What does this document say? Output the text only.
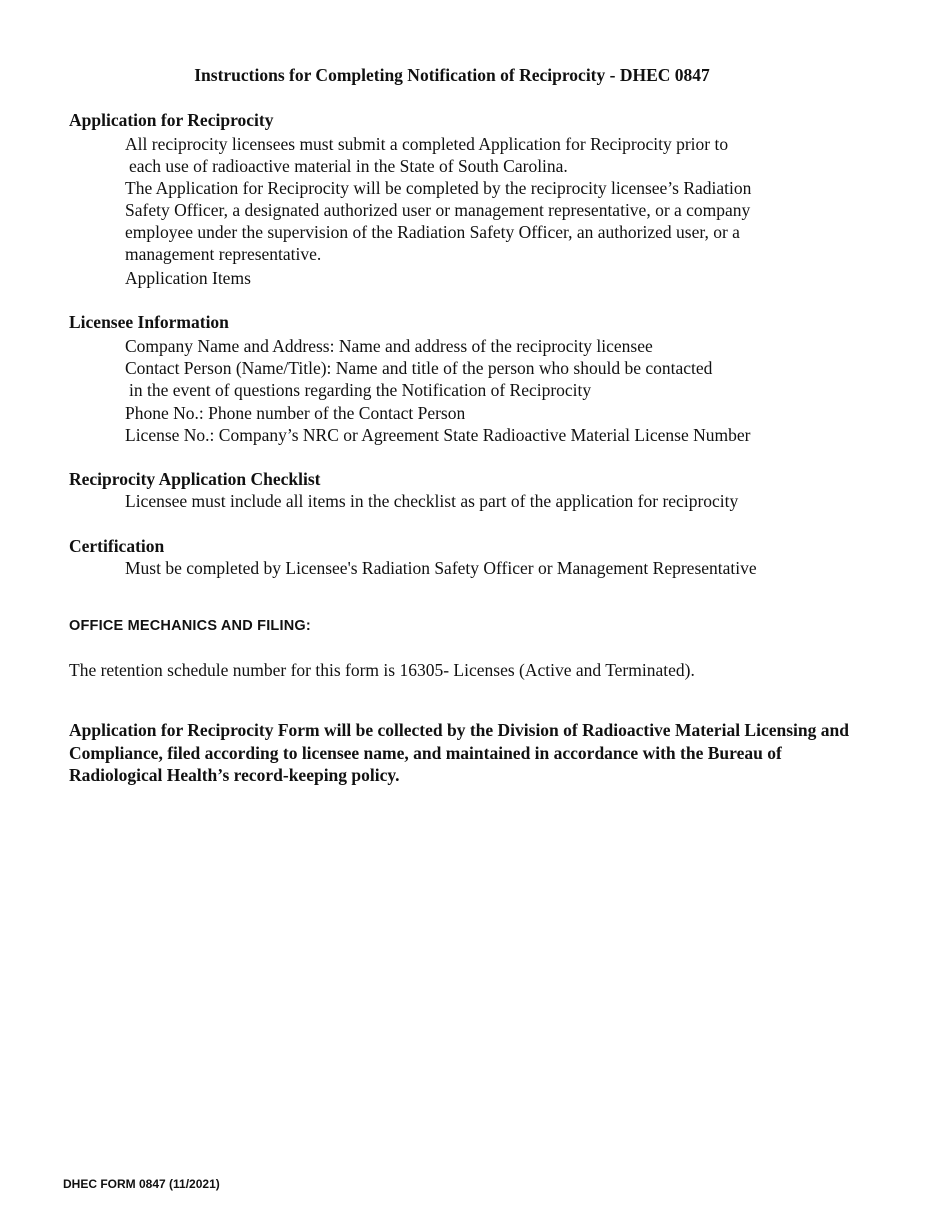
Instructions for Completing Notification of Reciprocity - DHEC 0847
Application for Reciprocity
All reciprocity licensees must submit a completed Application for Reciprocity prior to
each use of radioactive material in the State of South Carolina.
The Application for Reciprocity will be completed by the reciprocity licensee’s Radiation
Safety Officer, a designated authorized user or management representative, or a company
employee under the supervision of the Radiation Safety Officer, an authorized user, or a
management representative.
Application Items
Licensee Information
Company Name and Address: Name and address of the reciprocity licensee
Contact Person (Name/Title): Name and title of the person who should be contacted
in the event of questions regarding the Notification of Reciprocity
Phone No.: Phone number of the Contact Person
License No.: Company’s NRC or Agreement State Radioactive Material License Number
Reciprocity Application Checklist
Licensee must include all items in the checklist as part of the application for reciprocity
Certification
Must be completed by Licensee's Radiation Safety Officer or Management Representative
OFFICE MECHANICS AND FILING:
The retention schedule number for this form is 16305- Licenses (Active and Terminated).
Application for Reciprocity Form will be collected by the Division of Radioactive Material Licensing and Compliance, filed according to licensee name, and maintained in accordance with the Bureau of Radiological Health’s record-keeping policy.
DHEC FORM 0847 (11/2021)
